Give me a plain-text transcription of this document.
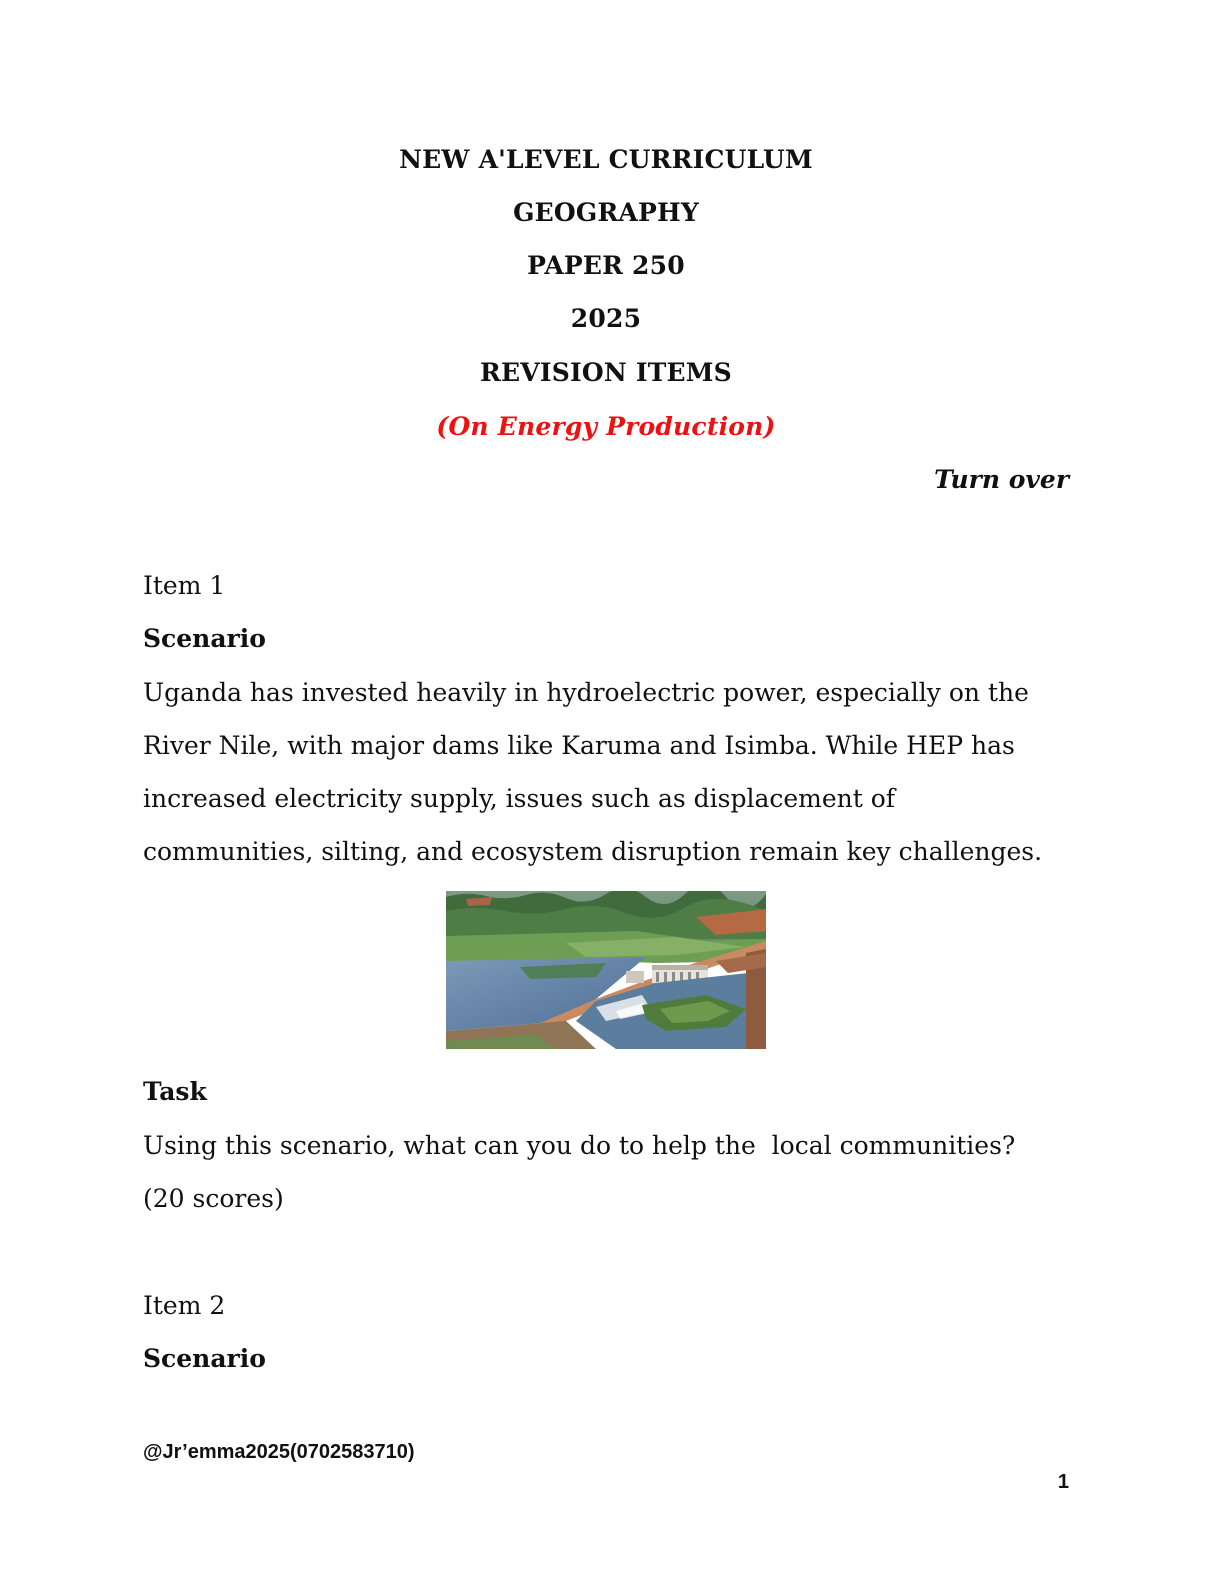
NEW A'LEVEL CURRICULUM
GEOGRAPHY
PAPER 250
2025
REVISION ITEMS
(On Energy Production)
Turn over
Item 1
Scenario
Uganda has invested heavily in hydroelectric power, especially on the
River Nile, with major dams like Karuma and Isimba. While HEP has
increased electricity supply, issues such as displacement of
communities, silting, and ecosystem disruption remain key challenges.
Task
Using this scenario, what can you do to help the  local communities?
(20 scores)
Item 2
Scenario
@Jr’emma2025(0702583710)
1
